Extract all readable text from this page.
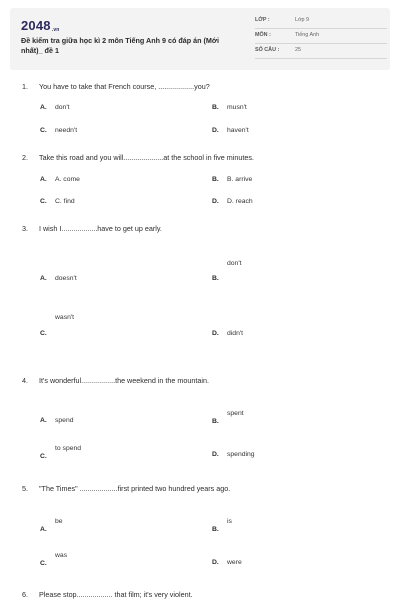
2048.vn
Đề kiểm tra giữa học kì 2 môn Tiếng Anh 9 có đáp án (Mới nhất)_ đề 1
LỚP :	Lớp 9
MÔN :	Tiếng Anh
SỐ CÂU :	25
1. You have to take that French course, ..................you?
A. don't	B. musn't
C. needn't	D. haven't
2. Take this road and you will....................at the school in five minutes.
A. A. come	B. B. arrive
C. C. find	D. D. reach
3. I wish I..................have to get up early.
A. doesn't	B.
don't
C.
wasn't
D. didn't
4. It's wonderful.................the weekend in the mountain.
A. spend	B.
spent
C.
to spend
D. spending
5. "The Times" ...................first printed two hundred years ago.
A.
be
B.
is
C.
was
D. were
6. Please stop.................. that film; it's very violent.
